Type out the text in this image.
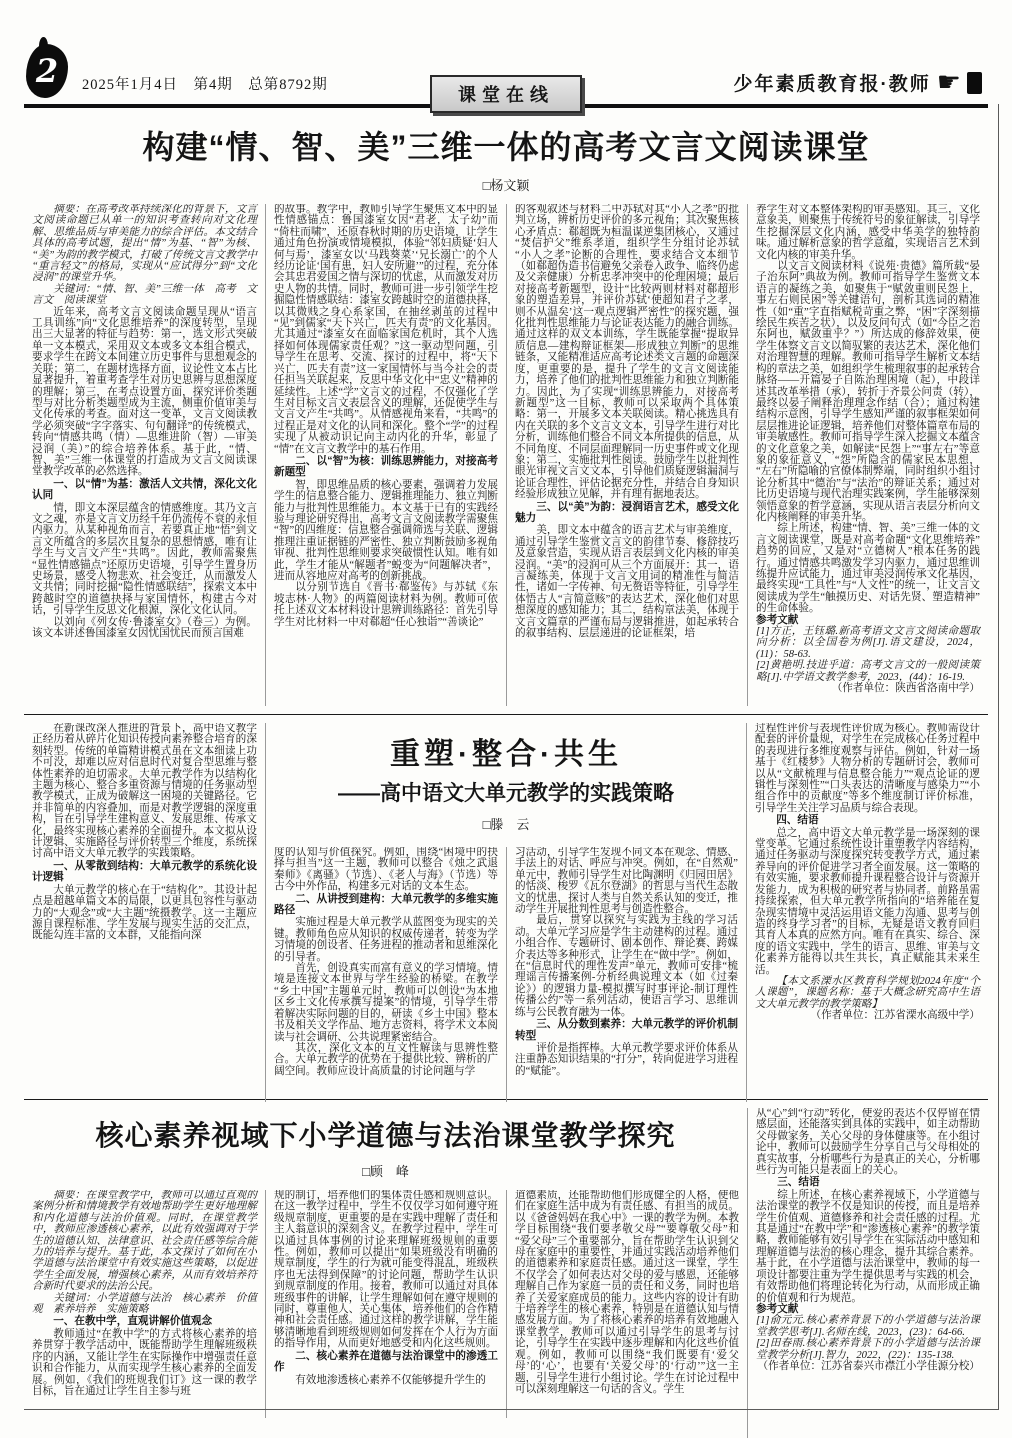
2 2025年1月4日　第4期　总第8792期	课堂在线	少年素质教育报·教师 ☛
构建“情、智、美”三维一体的高考文言文阅读课堂
□杨文颖

摘要：在高考改革持续深化的背景下，文言文阅读命题已从单一的知识考查转向对文化理解、思维品质与审美能力的综合评估。本文结合具体的高考试题，提出“情”为基、“智”为核、“美”为韵的教学模式，打破了传统文言文教学中“重言轻文”的格局，实现从“应试得分”到“文化浸润”的课堂升华。

关键词：“情、智、美”三维一体　高考　文言文　阅读课堂

近年来，高考文言文阅读命题呈现从“语言工具训练”向“文化思维培养”的深度转型，呈现出三大显著的特征与趋势：第一，选文形式突破单一文本模式，采用双文本或多文本组合模式，要求学生在跨文本间建立历史事件与思想观念的关联；第二，在题材选择方面，议论性文本占比显著提升，着重考查学生对历史思辨与思想深度的理解；第三，在考点设置方面，探究评价类题型与对比分析类题型成为主流，侧重价值审美与文化传承的考查。面对这一变革，文言文阅读教学必须突破“字字落实、句句翻译”的传统模式，转向“情感共鸣（情）—思维进阶（智）—审美浸润（美）”的综合培养体系。基于此，“情、智、美”三维一体课堂的打造成为文言文阅读课堂教学改革的必然选择。

一、以“情”为基：激活人文共情，深化文化认同

情，即文本深层蕴含的情感维度。其乃文言文之魂，亦是文言文历经千年仍流传不衰的永恒内驱力。从某种视角而言，若要真正地“悟”到文言文所蕴含的多层次且复杂的思想情感，唯有让学生与文言文产生“共鸣”。因此，教师需聚焦“显性情感锚点”还原历史语境，引导学生置身历史场景，感受人物悲欢、社会变迁，从而激发人文共情；同时挖掘“隐性情感联结”，探索文本中跨越时空的道德抉择与家国情怀，构建古今对话，引导学生反思文化根源，深化文化认同。

以刘向《列女传·鲁漆室女》（卷三）为例。该文本讲述鲁国漆室女因忧国忧民而预言国难

的故事。教学中，教师引导学生聚焦文本中的显性情感锚点：鲁国漆室女因“君老，太子幼”而“倚柱而啸”，还原春秋时期的历史语境，让学生通过角色扮演或情境模拟，体验“邻妇质疑‘妇人何与焉’，漆室女以‘马践葵菜’‘兄长溺亡’的个人经历论证‘国有患，妇人安所避’”的过程，充分体会其忠君爱国之情与深切的忧虑，从而激发对历史人物的共情。同时，教师可进一步引领学生挖掘隐性情感联结：漆室女跨越时空的道德抉择，以其微贱之身心系家国，在抽丝剥茧的过程中“见”到儒家“天下兴亡，匹夫有责”的文化基因。尤其通过“漆室女在面临家国危机时，其个人选择如何体现儒家责任观？”这一驱动型问题，引导学生在思考、交流、探讨的过程中，将“天下兴亡，匹夫有责”这一家国情怀与当今社会的责任担当关联起来，反思中华文化中“忠义”精神的延续性。上述“学”文言文的过程，不仅强化了学生对目标文言文表层含义的理解，还促使学生与文言文产生“共鸣”。从情感视角来看，“共鸣”的过程正是对文化的认同和深化。整个“学”的过程实现了从被动识记向主动内化的升华，彰显了“情”在文言文教学中的基石作用。

二、以“智”为核：训练思辨能力，对接高考新题型

智，即思维品质的核心要素，强调着力发展学生的信息整合能力、逻辑推理能力、独立判断能力与批判性思维能力。本文基于已有的实践经验与理论研究得出，高考文言文阅读教学需聚焦“智”的四维度：信息整合强调筛选与关联、逻辑推理注重证据链的严密性、独立判断鼓励多视角审视、批判性思维则要求突破惯性认知。唯有如此，学生才能从“解题者”蜕变为“问题解决者”，进而从容地应对高考的创新挑战。

以分别节选自《晋书·郗鉴传》与苏轼《东坡志林·人物》的两篇阅读材料为例。教师可依托上述双文本材料设计思辨训练路径：首先引导学生对比材料一中对郗超“任心独诣”“善谈论”

的客观叙述与材料二中苏轼对其“小人之孝”的批判立场，辨析历史评价的多元视角；其次聚焦核心矛盾点：郗超既为桓温谋逆集团核心，又通过“焚信护父”维系孝道，组织学生分组讨论苏轼“小人之孝”论断的合理性，要求结合文本细节（如郗超伪造书信避免父亲卷入政争、临终仍虑及父亲健康）分析忠孝冲突中的伦理困境；最后对接高考新题型，设计“比较两则材料对郗超形象的塑造差异，并评价苏轼‘使超知君子之孝，则不从温矣’这一观点逻辑严密性”的探究题，强化批判性思维能力与论证表达能力的融合训练。通过这样的双文本训练，学生既能掌握“提取异质信息—建构辩证框架—形成独立判断”的思维链条，又能精准适应高考论述类文言题的命题深度，更重要的是，提升了学生的文言文阅读能力，培养了他们的批判性思维能力和独立判断能力。因此，为了实现“训练思辨能力，对接高考新题型”这一目标，教师可以采取两个具体策略：第一，开展多文本关联阅读。精心挑选具有内在关联的多个文言文文本，引导学生进行对比分析，训练他们整合不同文本所提供的信息，从不同角度、不同层面理解同一历史事件或文化现象；第二，实施批判性阅读。鼓励学生以批判性眼光审视文言文文本，引导他们质疑逻辑漏洞与论证合理性，评估论据充分性，并结合自身知识经验形成独立见解，并有理有据地表达。

三、以“美”为韵：浸润语言艺术，感受文化魅力

美，即文本中蕴含的语言艺术与审美维度，通过引导学生鉴赏文言文的韵律节奏、修辞技巧及意象营造，实现从语言表层到文化内核的审美浸润。“美”的浸润可从三个方面展开：其一，语言凝练美，体现于文言文用词的精准性与简洁性，诸如一字传神、句无赘语等特征，引导学生体悟古人“言简意赅”的表达艺术，深化他们对思想深度的感知能力；其二，结构章法美，体现于文言文篇章的严谨布局与逻辑推进，如起承转合的叙事结构、层层递进的论证框架，培

养学生对文本整体架构的审美感知。其三，文化意象美，则聚焦于传统符号的象征解读，引导学生挖掘深层文化内涵，感受中华美学的独特韵味。通过解析意象的哲学意蕴，实现语言艺术到文化内核的审美升华。

以文言文阅读材料《说苑·贵德》篇所载“晏子治东阿”典故为例。教师可指导学生鉴赏文本语言的凝练之美，如聚焦于“赋敛重则民怨上，事左右则民困”等关键语句，剖析其选词的精准性（如“重”字直指赋税苛重之弊，“困”字深刻描绘民生疾苦之状），以及反问句式（如“今臣之治东阿也，赋敛重乎？”）所达成的修辞效果，使学生体察文言文以简驭繁的表达艺术，深化他们对治理智慧的理解。教师可指导学生解析文本结构的章法之美，如组织学生梳理叙事的起承转合脉络——开篇晏子自陈治理困境（起），中段详述其改革举措（承），转折于齐景公问责（转），最终以晏子阐释治理理念作结（合）；通过构建结构示意图，引导学生感知严谨的叙事框架如何层层推进论证逻辑，培养他们对整体篇章布局的审美敏感性。教师可指导学生深入挖掘文本蕴含的文化意象之美，如解读“民怨上”“事左右”等意象的象征意义，“怨”所隐含的儒家民本思想，“左右”所隐喻的官僚体制弊端，同时组织小组讨论分析其中“德治”与“法治”的辩证关系；通过对比历史语境与现代治理实践案例，学生能够深刻领悟意象的哲学意涵，实现从语言表层分析向文化内核阐释的审美升华。

综上所述，构建“情、智、美”三维一体的文言文阅读课堂，既是对高考命题“文化思维培养”趋势的回应，又是对“立德树人”根本任务的践行。通过情感共鸣激发学习内驱力，通过思维训练提升应试能力，通过审美浸润传承文化基因，最终实现“工具性”与“人文性”的统一，让文言文阅读成为学生“触摸历史、对话先贤、塑造精神”的生命体验。

参考文献

[1]方正，王钰璐.新高考语文文言文阅读命题取向分析：以全国卷为例[J].语文建设，2024，(11)：58-63.

[2]黄艳明.技进乎道：高考文言文的一般阅读策略[J].中学语文教学参考，2023，(44)：16-19.

（作者单位：陕西省洛南中学）

在新课改深入推进的背景下，高中语文教学正经历着从碎片化知识传授向素养整合培育的深刻转型。传统的单篇精讲模式虽在文本细读上功不可没，却难以应对信息时代对复合型思维与整体性素养的迫切需求。大单元教学作为以结构化主题为核心、整合多重资源与情境的任务驱动型教学模式，正成为破解这一困境的关键路径。它并非简单的内容叠加，而是对教学逻辑的深度重构，旨在引导学生建构意义、发展思维、传承文化，最终实现核心素养的全面提升。本文拟从设计逻辑、实施路径与评价转型三个维度，系统探讨高中语文大单元教学的实践策略。

一、从零散到结构：大单元教学的系统化设计逻辑

大单元教学的核心在于“结构化”。其设计起点是超越单篇文本的局限，以更具包容性与驱动力的“大观念”或“大主题”统摄教学。这一主题应源自课程标准、学生发展与现实生活的交汇点，既能勾连丰富的文本群，又能指向深

重塑·整合·共生
——高中语文大单元教学的实践策略
□滕　云

度的认知与价值探究。例如，围绕“困境中的抉择与担当”这一主题，教师可以整合《烛之武退秦师》《离骚》（节选）、《老人与海》（节选）等古今中外作品，构建多元对话的文本生态。

二、从讲授到建构：大单元教学的多维实施路径

实施过程是大单元教学从蓝图变为现实的关键。教师角色应从知识的权威传递者，转变为学习情境的创设者、任务进程的推动者和思维深化的引导者。

首先，创设真实而富有意义的学习情境。情境是连接文本世界与学生经验的桥梁。在教学“乡土中国”主题单元时，教师可以创设“为本地区乡土文化传承撰写提案”的情境，引导学生带着解决实际问题的目的，研读《乡土中国》整本书及相关文学作品、地方志资料，将学术文本阅读与社会调研、公共说理紧密结合。

其次，深化文本的互文性解读与思辨性整合。大单元教学的优势在于提供比较、辨析的广阔空间。教师应设计高质量的讨论问题与学

习活动，引导学生发现不同文本在观念、情感、手法上的对话、呼应与冲突。例如，在“自然观”单元中，教师引导学生对比陶渊明《归园田居》的恬淡、梭罗《瓦尔登湖》的哲思与当代生态散文的忧患，探讨人类与自然关系认知的变迁，推动学生开展批判性思考与创造性整合。

最后，贯穿以探究与实践为主线的学习活动。大单元学习应是学生主动建构的过程。通过小组合作、专题研讨、剧本创作、辩论赛、跨媒介表达等多种形式，让学生在“做中学”。例如，在“信息时代的理性发声”单元，教师可安排“梳理谣言传播案例-分析经典说理文本（如《过秦论》）的逻辑力量-模拟撰写时事评论-制订理性传播公约”等一系列活动，使语言学习、思维训练与公民教育融为一体。

三、从分数到素养：大单元教学的评价机制转型

评价是指挥棒。大单元教学要求评价体系从注重静态知识结果的“打分”，转向促进学习进程的“赋能”。

过程性评价与表现性评价成为核心。教师需设计配套的评价量规，对学生在完成核心任务过程中的表现进行多维度观察与评估。例如，针对一场基于《红楼梦》人物分析的专题研讨会，教师可以从“文献梳理与信息整合能力”“观点论证的逻辑性与深刻性”“口头表达的清晰度与感染力”“小组合作中的贡献度”等多个维度制订评价标准，引导学生关注学习品质与综合表现。

四、结语

总之，高中语文大单元教学是一场深刻的课堂变革。它通过系统性设计重塑教学内容结构，通过任务驱动与深度探究转变教学方式，通过素养导向的评价促进学习者全面发展。这一策略的有效实施，要求教师提升课程整合设计与资源开发能力，成为积极的研究者与协同者。前路虽需持续探索，但大单元教学所指向的“培养能在复杂现实情境中灵活运用语文能力沟通、思考与创造的终身学习者”的目标，无疑是语文教育回归其育人本真的应然方向。唯有在真实、综合、深度的语文实践中，学生的语言、思维、审美与文化素养方能得以共生共长，真正赋能其未来生活。

【本文系溧水区教育科学规划2024年度“个人课题”，课题名称：基于大概念研究高中生语文大单元教学的教学策略】

（作者单位：江苏省溧水高级中学）

核心素养视域下小学道德与法治课堂教学探究
□顾　峰

摘要：在课堂教学中，教师可以通过直观的案例分析和情境教学有效地帮助学生更好地理解和内化道德与法治价值观。同时，在课堂教学中，教师应渗透核心素养，以此有效强调对于学生的道德认知、法律意识、社会责任感等综合能力的培养与提升。基于此，本文探讨了如何在小学道德与法治课堂中有效实施这些策略，以促进学生全面发展，增强核心素养，从而有效培养符合新时代要求的法治公民。

关键词：小学道德与法治　核心素养　价值观　素养培养　实施策略

一、在教中学，直观讲解价值观念

教师通过“在教中学”的方式将核心素养的培养贯穿于教学活动中，既能帮助学生理解班级秩序的内涵，又能让学生在实际操作中增强责任意识和合作能力，从而实现学生核心素养的全面发展。例如，《我们的班规我们订》这一课的教学目标，旨在通过让学生自主参与班

规的制订，培养他们的集体责任感和规则意识。在这一教学过程中，学生不仅仅学习如何遵守班级规章制度，更重要的是在实践中理解了责任和主人翁意识的深刻含义。在教学过程中，学生可以通过具体事例的讨论来理解班级规则的重要性。例如，教师可以提出“如果班级没有明确的规章制度，学生的行为就可能变得混乱，班级秩序也无法得到保障”的讨论问题，帮助学生认识到规章制度的作用。接着，教师可以通过对具体班级事件的讲解，让学生理解如何在遵守规则的同时，尊重他人、关心集体，培养他们的合作精神和社会责任感。通过这样的教学讲解，学生能够清晰地看到班级规则如何发挥在个人行为方面的指导作用，从而更好地感受和内化这些规则。

二、核心素养在道德与法治课堂中的渗透工作

有效地渗透核心素养不仅能够提升学生的

道德素质，还能帮助他们形成健全的人格，使他们在家庭生活中成为有责任感、有担当的成员。以《爸爸妈妈在我心中》一课的教学为例。本教学目标围绕“我们要孝敬父母”“要尊敬父母”和“爱父母”三个重要部分，旨在帮助学生认识到父母在家庭中的重要性，并通过实践活动培养他们的道德素养和家庭责任感。通过这一课堂，学生不仅学会了如何表达对父母的爱与感恩，还能够理解自己作为家庭一员的责任和义务，同时也培养了关爱家庭成员的能力。这些内容的设计有助于培养学生的核心素养，特别是在道德认知与情感发展方面。为了将核心素养的培养有效地融入课堂教学，教师可以通过引导学生的思考与讨论，引导学生在实践中逐步理解和内化这些价值观。例如，教师可以围绕“我们既要有‘爱父母’的‘心’，也要有‘关爱父母’的‘行动’”这一主题，引导学生进行小组讨论。学生在讨论过程中可以深刻理解这一句话的含义。学生

从“心”到“行动”转化，使爱的表达不仅停留在情感层面，还能落实到具体的实践中，如主动帮助父母做家务，关心父母的身体健康等。在小组讨论中，教师可以鼓励学生分享自己与父母相处的真实故事，分析哪些行为是真正的关心，分析哪些行为可能只是表面上的关心。

三、结语

综上所述，在核心素养视域下，小学道德与法治课堂的教学不仅是知识的传授，而且是培养学生价值观、道德修养和社会责任感的过程。尤其是通过“在教中学”和“渗透核心素养”的教学策略，教师能够有效引导学生在实际活动中感知和理解道德与法治的核心理念，提升其综合素养。基于此，在小学道德与法治课堂中，教师的每一项设计都要注重为学生提供思考与实践的机会，有效帮助他们将理论转化为行动，从而形成正确的价值观和行为规范。

参考文献

[1]俞元元.核心素养背景下的小学道德与法治课堂教学思考[J].名师在线，2023，(23)：64-66.

[2]田春雨.核心素养背景下的小学道德与法治课堂教学分析[J].智力，2022，(22)：135-138.

（作者单位：江苏省泰兴市襟江小学佳源分校）
